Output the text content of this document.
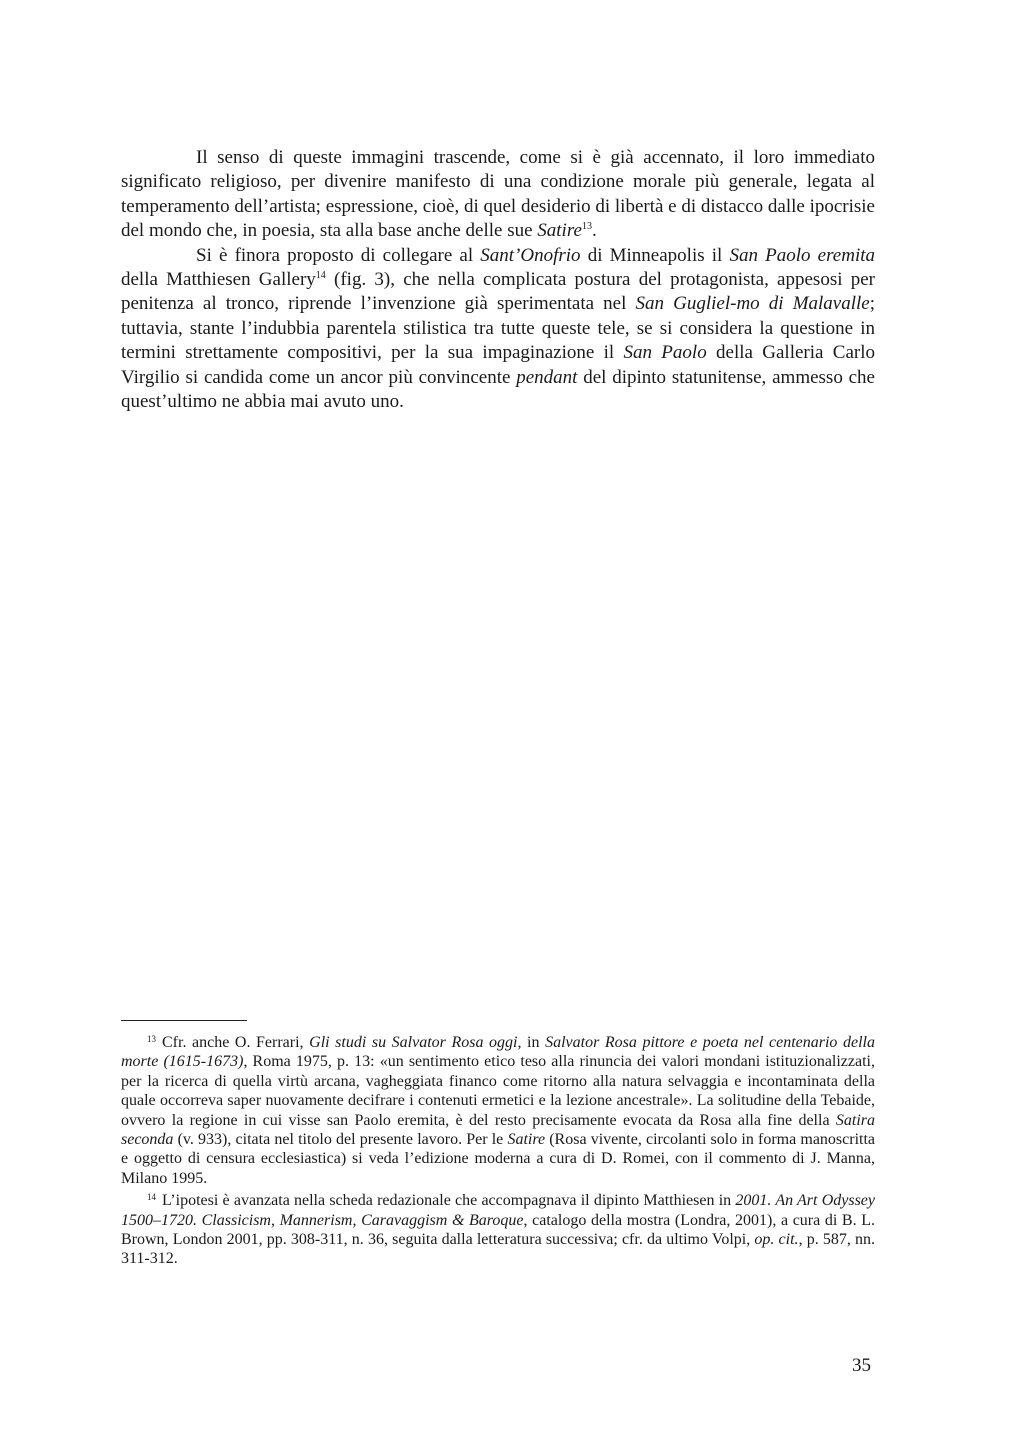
Il senso di queste immagini trascende, come si è già accennato, il loro immediato significato religioso, per divenire manifesto di una condizione morale più generale, legata al temperamento dell’artista; espressione, cioè, di quel desiderio di libertà e di distacco dalle ipocrisie del mondo che, in poesia, sta alla base anche delle sue Satire$^{13}$.

Si è finora proposto di collegare al Sant’Onofrio di Minneapolis il San Paolo eremita della Matthiesen Gallery$^{14}$ (fig. 3), che nella complicata postura del protagonista, appesosi per penitenza al tronco, riprende l’invenzione già sperimentata nel San Gugliel-mo di Malavalle; tuttavia, stante l’indubbia parentela stilistica tra tutte queste tele, se si considera la questione in termini strettamente compositivi, per la sua impaginazione il San Paolo della Galleria Carlo Virgilio si candida come un ancor più convincente pendant del dipinto statunitense, ammesso che quest’ultimo ne abbia mai avuto uno.

$^{13}$ Cfr. anche O. Ferrari, Gli studi su Salvator Rosa oggi, in Salvator Rosa pittore e poeta nel centenario della morte (1615-1673), Roma 1975, p. 13: «un sentimento etico teso alla rinuncia dei valori mondani istituzionalizzati, per la ricerca di quella virtù arcana, vagheggiata financo come ritorno alla natura selvaggia e incontaminata della quale occorreva saper nuovamente decifrare i contenuti ermetici e la lezione ancestrale». La solitudine della Tebaide, ovvero la regione in cui visse san Paolo eremita, è del resto precisamente evocata da Rosa alla fine della Satira seconda (v. 933), citata nel titolo del presente lavoro. Per le Satire (Rosa vivente, circolanti solo in forma manoscritta e oggetto di censura ecclesiastica) si veda l’edizione moderna a cura di D. Romei, con il commento di J. Manna, Milano 1995.

$^{14}$ L’ipotesi è avanzata nella scheda redazionale che accompagnava il dipinto Matthiesen in 2001. An Art Odyssey 1500–1720. Classicism, Mannerism, Caravaggism & Baroque, catalogo della mostra (Londra, 2001), a cura di B. L. Brown, London 2001, pp. 308-311, n. 36, seguita dalla letteratura successiva; cfr. da ultimo Volpi, op. cit., p. 587, nn. 311-312.

35
